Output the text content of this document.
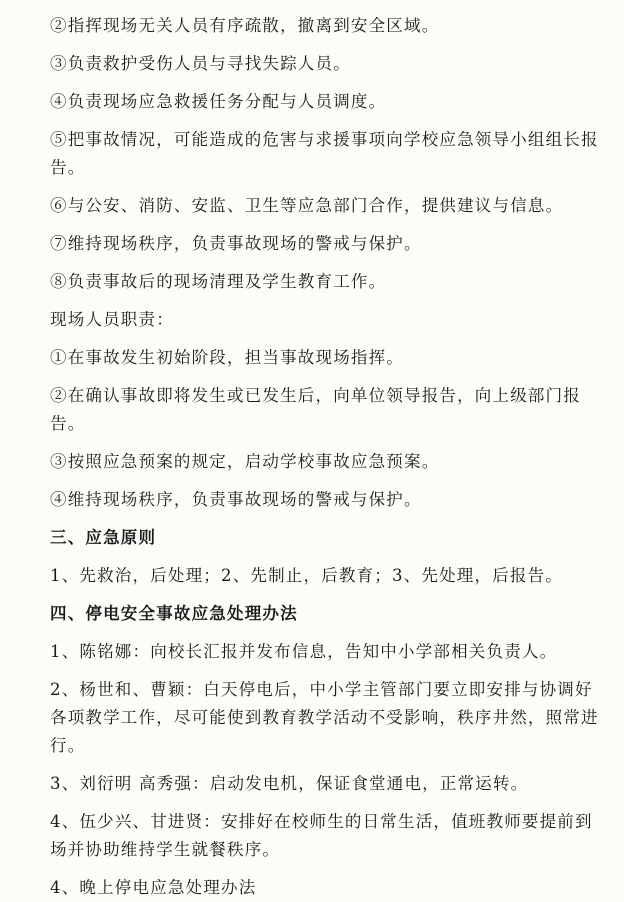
②指挥现场无关人员有序疏散，撤离到安全区域。

③负责救护受伤人员与寻找失踪人员。

④负责现场应急救援任务分配与人员调度。

⑤把事故情况，可能造成的危害与求援事项向学校应急领导小组组长报告。

⑥与公安、消防、安监、卫生等应急部门合作，提供建议与信息。

⑦维持现场秩序，负责事故现场的警戒与保护。

⑧负责事故后的现场清理及学生教育工作。

现场人员职责：

①在事故发生初始阶段，担当事故现场指挥。

②在确认事故即将发生或已发生后，向单位领导报告，向上级部门报告。

③按照应急预案的规定，启动学校事故应急预案。

④维持现场秩序，负责事故现场的警戒与保护。

三、应急原则

1、先救治，后处理；2、先制止，后教育；3、先处理，后报告。

四、停电安全事故应急处理办法

1、陈铭娜：向校长汇报并发布信息，告知中小学部相关负责人。

2、杨世和、曹颖：白天停电后，中小学主管部门要立即安排与协调好各项教学工作，尽可能使到教育教学活动不受影响，秩序井然，照常进行。

3、刘衍明 高秀强：启动发电机，保证食堂通电，正常运转。

4、伍少兴、甘进贤：安排好在校师生的日常生活，值班教师要提前到场并协助维持学生就餐秩序。

4、晚上停电应急处理办法
